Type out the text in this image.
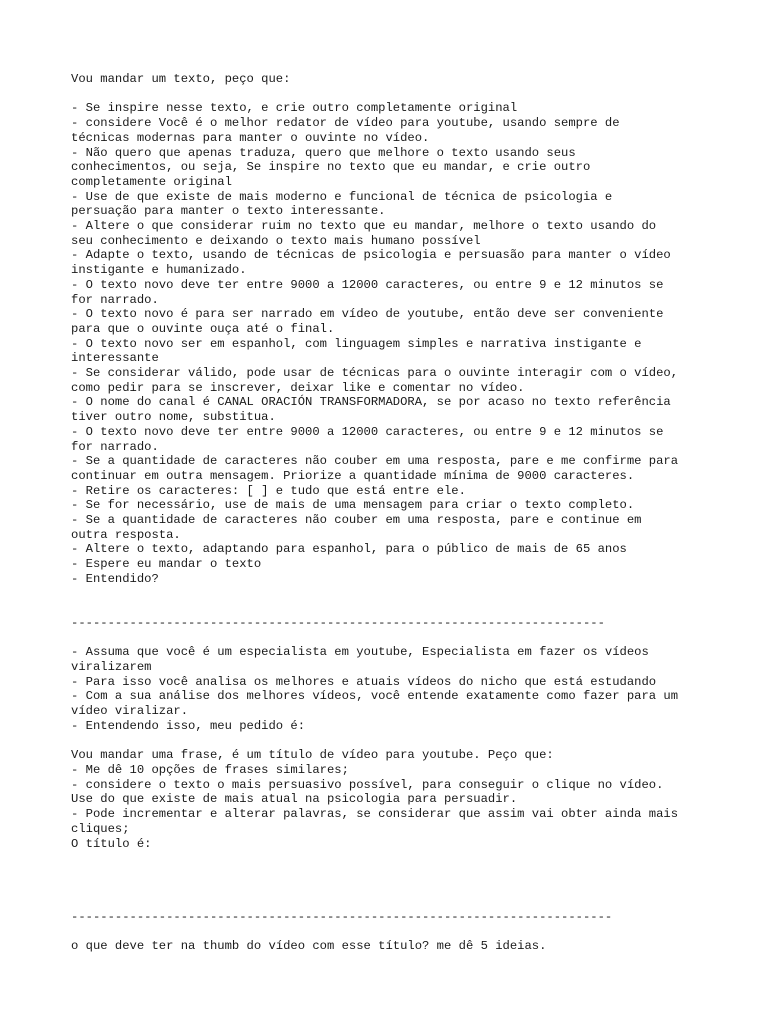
Vou mandar um texto, peço que:
- Se inspire nesse texto, e crie outro completamente original
- considere Você é o melhor redator de vídeo para youtube, usando sempre de
técnicas modernas para manter o ouvinte no vídeo.
- Não quero que apenas traduza, quero que melhore o texto usando seus
conhecimentos, ou seja, Se inspire no texto que eu mandar, e crie outro
completamente original
- Use de que existe de mais moderno e funcional de técnica de psicologia e
persuação para manter o texto interessante.
- Altere o que considerar ruim no texto que eu mandar, melhore o texto usando do
seu conhecimento e deixando o texto mais humano possível
- Adapte o texto, usando de técnicas de psicologia e persuasão para manter o vídeo
instigante e humanizado.
- O texto novo deve ter entre 9000 a 12000 caracteres, ou entre 9 e 12 minutos se
for narrado.
- O texto novo é para ser narrado em vídeo de youtube, então deve ser conveniente
para que o ouvinte ouça até o final.
- O texto novo ser em espanhol, com linguagem simples e narrativa instigante e
interessante
- Se considerar válido, pode usar de técnicas para o ouvinte interagir com o vídeo,
como pedir para se inscrever, deixar like e comentar no vídeo.
- O nome do canal é CANAL ORACIÓN TRANSFORMADORA, se por acaso no texto referência
tiver outro nome, substitua.
- O texto novo deve ter entre 9000 a 12000 caracteres, ou entre 9 e 12 minutos se
for narrado.
- Se a quantidade de caracteres não couber em uma resposta, pare e me confirme para
continuar em outra mensagem. Priorize a quantidade mínima de 9000 caracteres.
- Retire os caracteres: [ ] e tudo que está entre ele.
- Se for necessário, use de mais de uma mensagem para criar o texto completo.
- Se a quantidade de caracteres não couber em uma resposta, pare e continue em
outra resposta.
- Altere o texto, adaptando para espanhol, para o público de mais de 65 anos
- Espere eu mandar o texto
- Entendido?
-------------------------------------------------------------------------
- Assuma que você é um especialista em youtube, Especialista em fazer os vídeos
viralizarem
- Para isso você analisa os melhores e atuais vídeos do nicho que está estudando
- Com a sua análise dos melhores vídeos, você entende exatamente como fazer para um
vídeo viralizar.
- Entendendo isso, meu pedido é:
Vou mandar uma frase, é um título de vídeo para youtube. Peço que:
- Me dê 10 opções de frases similares;
- considere o texto o mais persuasivo possível, para conseguir o clique no vídeo.
Use do que existe de mais atual na psicologia para persuadir.
- Pode incrementar e alterar palavras, se considerar que assim vai obter ainda mais
cliques;
O título é:
--------------------------------------------------------------------------
o que deve ter na thumb do vídeo com esse título? me dê 5 ideias.
